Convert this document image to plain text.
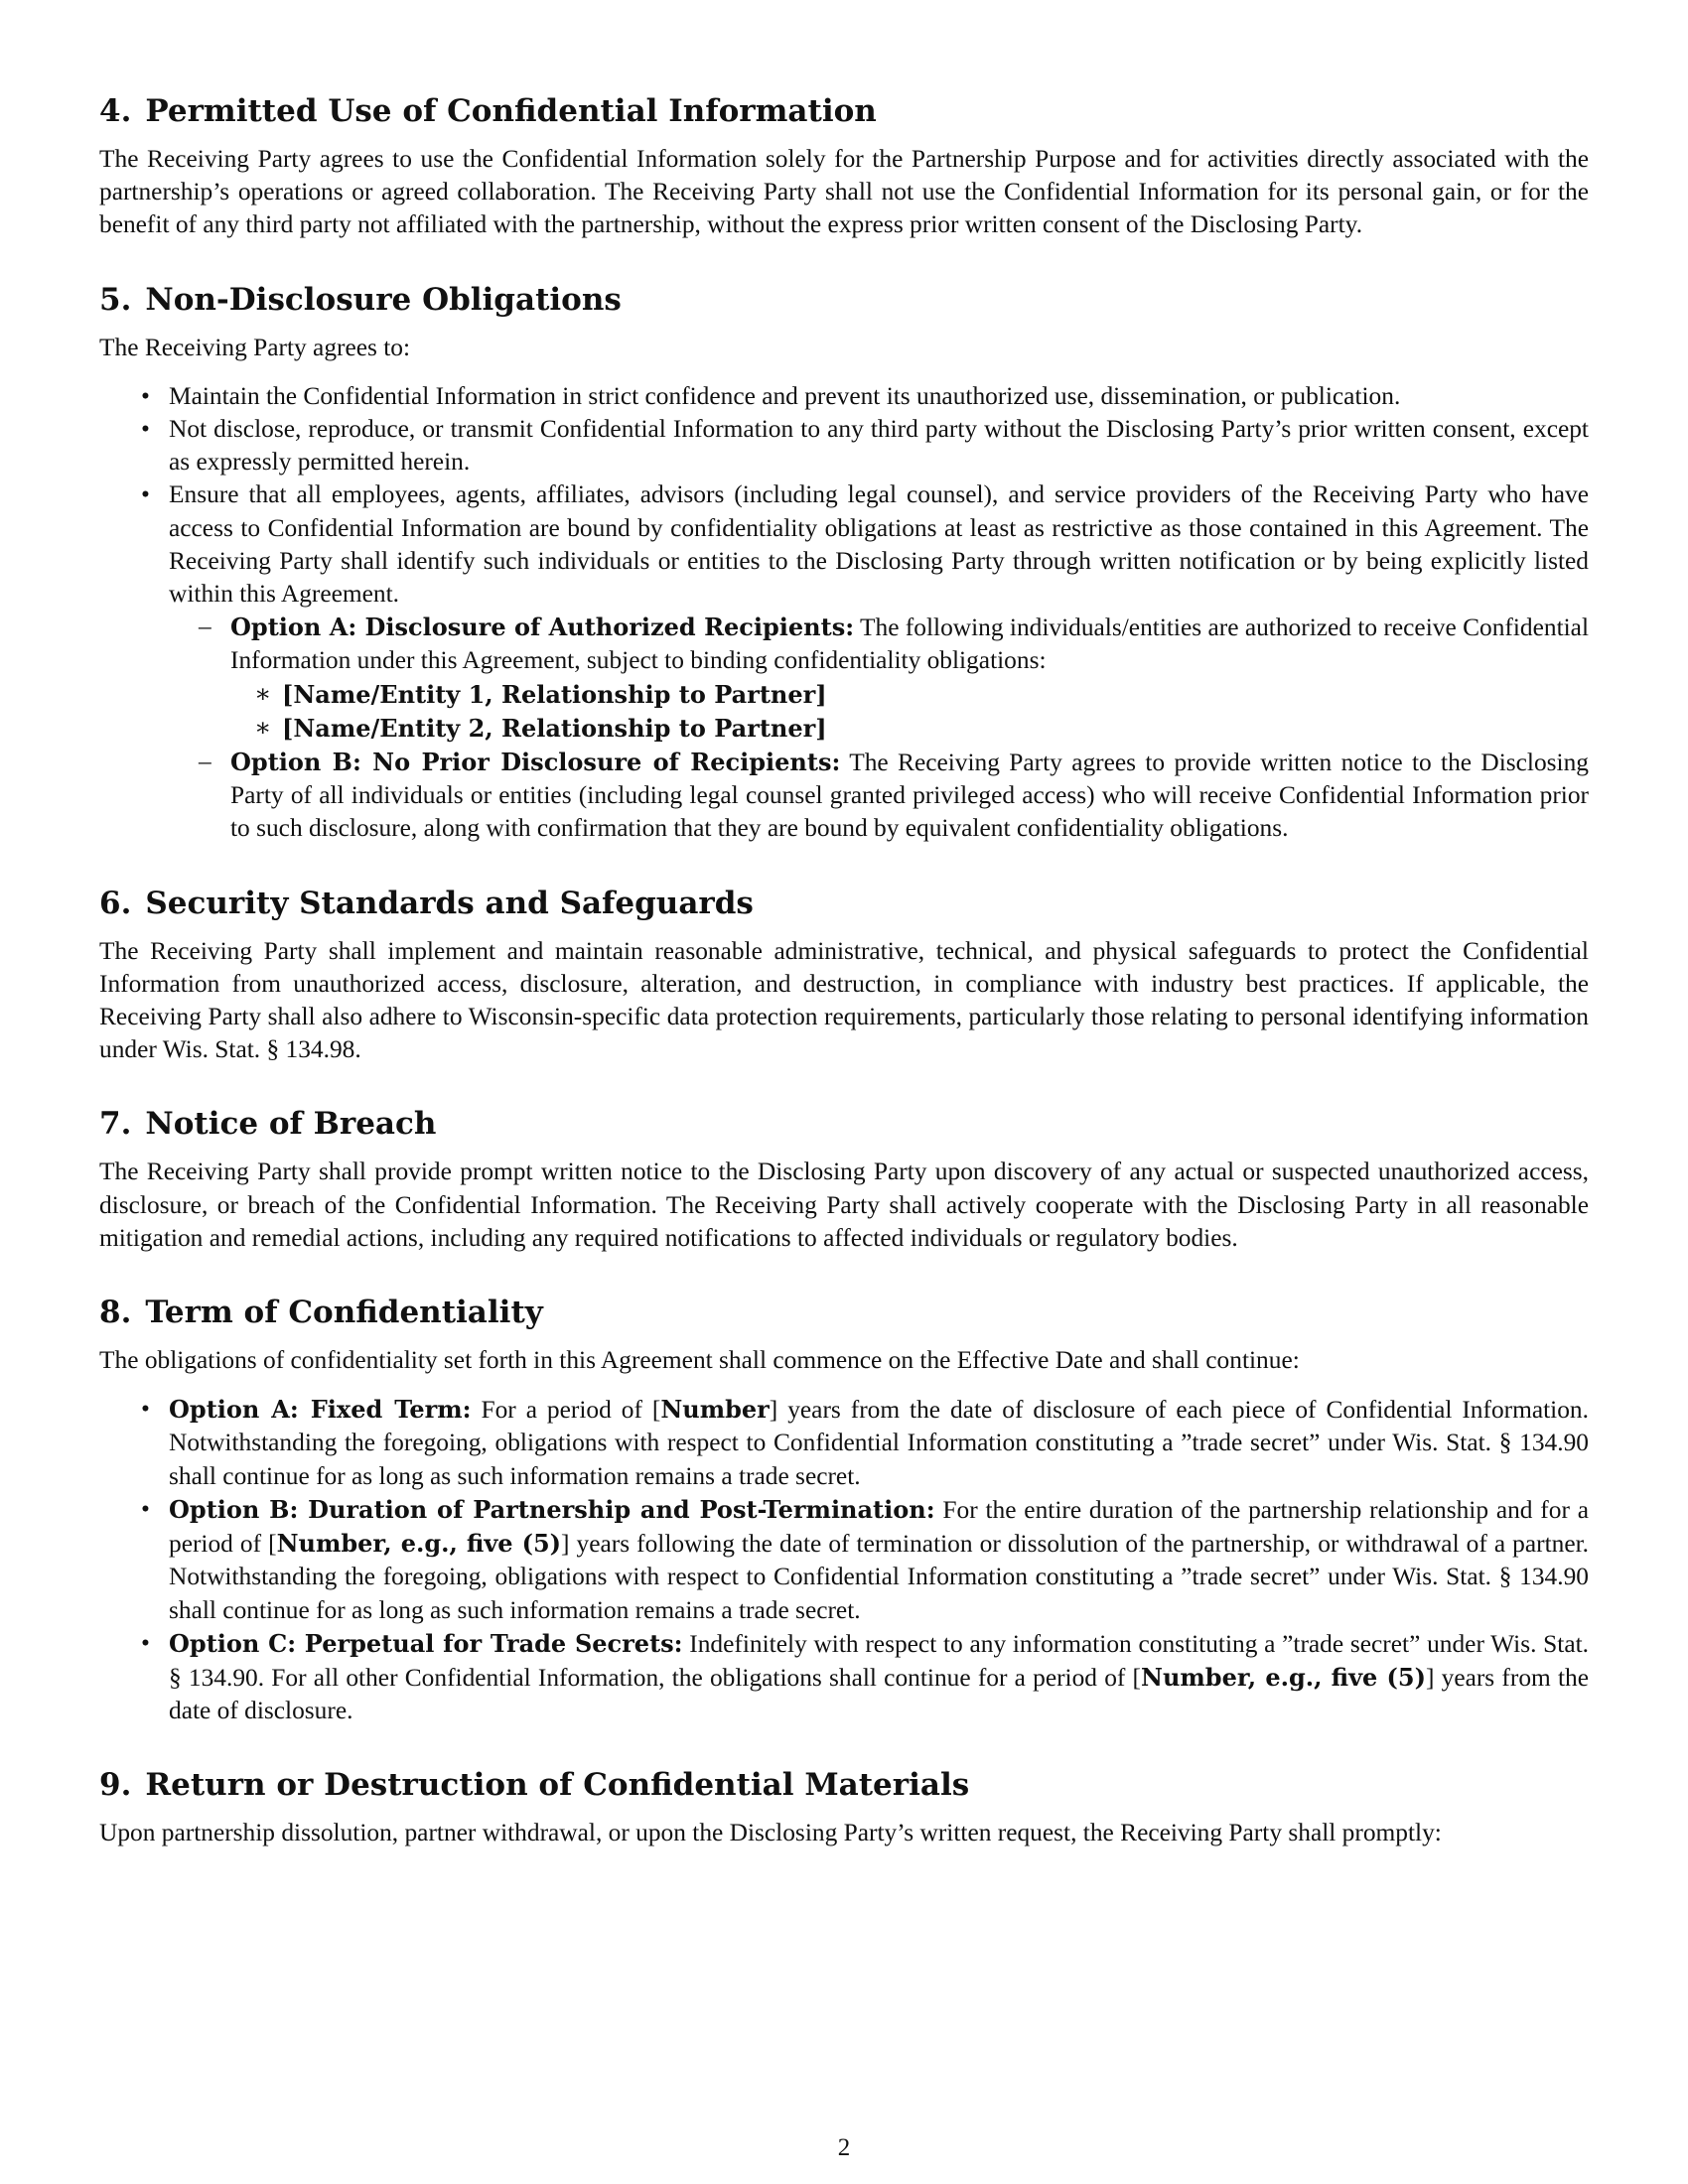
4. Permitted Use of Confidential Information

The Receiving Party agrees to use the Confidential Information solely for the Partnership Purpose and for activities directly associated with the partnership’s operations or agreed collaboration. The Receiving Party shall not use the Confidential Information for its personal gain, or for the benefit of any third party not affiliated with the partnership, without the express prior written consent of the Disclosing Party.

5. Non-Disclosure Obligations

The Receiving Party agrees to:

• Maintain the Confidential Information in strict confidence and prevent its unauthorized use, dissemination, or publication.
• Not disclose, reproduce, or transmit Confidential Information to any third party without the Disclosing Party’s prior written consent, except as expressly permitted herein.
• Ensure that all employees, agents, affiliates, advisors (including legal counsel), and service providers of the Receiving Party who have access to Confidential Information are bound by confidentiality obligations at least as restrictive as those contained in this Agreement. The Receiving Party shall identify such individuals or entities to the Disclosing Party through written notification or by being explicitly listed within this Agreement.
– Option A: Disclosure of Authorized Recipients: The following individuals/entities are authorized to receive Confidential Information under this Agreement, subject to binding confidentiality obligations:
∗ [Name/Entity 1, Relationship to Partner]
∗ [Name/Entity 2, Relationship to Partner]
– Option B: No Prior Disclosure of Recipients: The Receiving Party agrees to provide written notice to the Disclosing Party of all individuals or entities (including legal counsel granted privileged access) who will receive Confidential Information prior to such disclosure, along with confirmation that they are bound by equivalent confidentiality obligations.
6. Security Standards and Safeguards

The Receiving Party shall implement and maintain reasonable administrative, technical, and physical safeguards to protect the Confidential Information from unauthorized access, disclosure, alteration, and destruction, in compliance with industry best practices. If applicable, the Receiving Party shall also adhere to Wisconsin-specific data protection requirements, particularly those relating to personal identifying information under Wis. Stat. § 134.98.

7. Notice of Breach

The Receiving Party shall provide prompt written notice to the Disclosing Party upon discovery of any actual or suspected unauthorized access, disclosure, or breach of the Confidential Information. The Receiving Party shall actively cooperate with the Disclosing Party in all reasonable mitigation and remedial actions, including any required notifications to affected individuals or regulatory bodies.

8. Term of Confidentiality

The obligations of confidentiality set forth in this Agreement shall commence on the Effective Date and shall continue:

• Option A: Fixed Term: For a period of [Number] years from the date of disclosure of each piece of Confidential Information. Notwithstanding the foregoing, obligations with respect to Confidential Information constituting a ”trade secret” under Wis. Stat. § 134.90 shall continue for as long as such information remains a trade secret.
• Option B: Duration of Partnership and Post-Termination: For the entire duration of the partnership relationship and for a period of [Number, e.g., five (5)] years following the date of termination or dissolution of the partnership, or withdrawal of a partner. Notwithstanding the foregoing, obligations with respect to Confidential Information constituting a ”trade secret” under Wis. Stat. § 134.90 shall continue for as long as such information remains a trade secret.
• Option C: Perpetual for Trade Secrets: Indefinitely with respect to any information constituting a ”trade secret” under Wis. Stat. § 134.90. For all other Confidential Information, the obligations shall continue for a period of [Number, e.g., five (5)] years from the date of disclosure.
9. Return or Destruction of Confidential Materials

Upon partnership dissolution, partner withdrawal, or upon the Disclosing Party’s written request, the Receiving Party shall promptly:

2
